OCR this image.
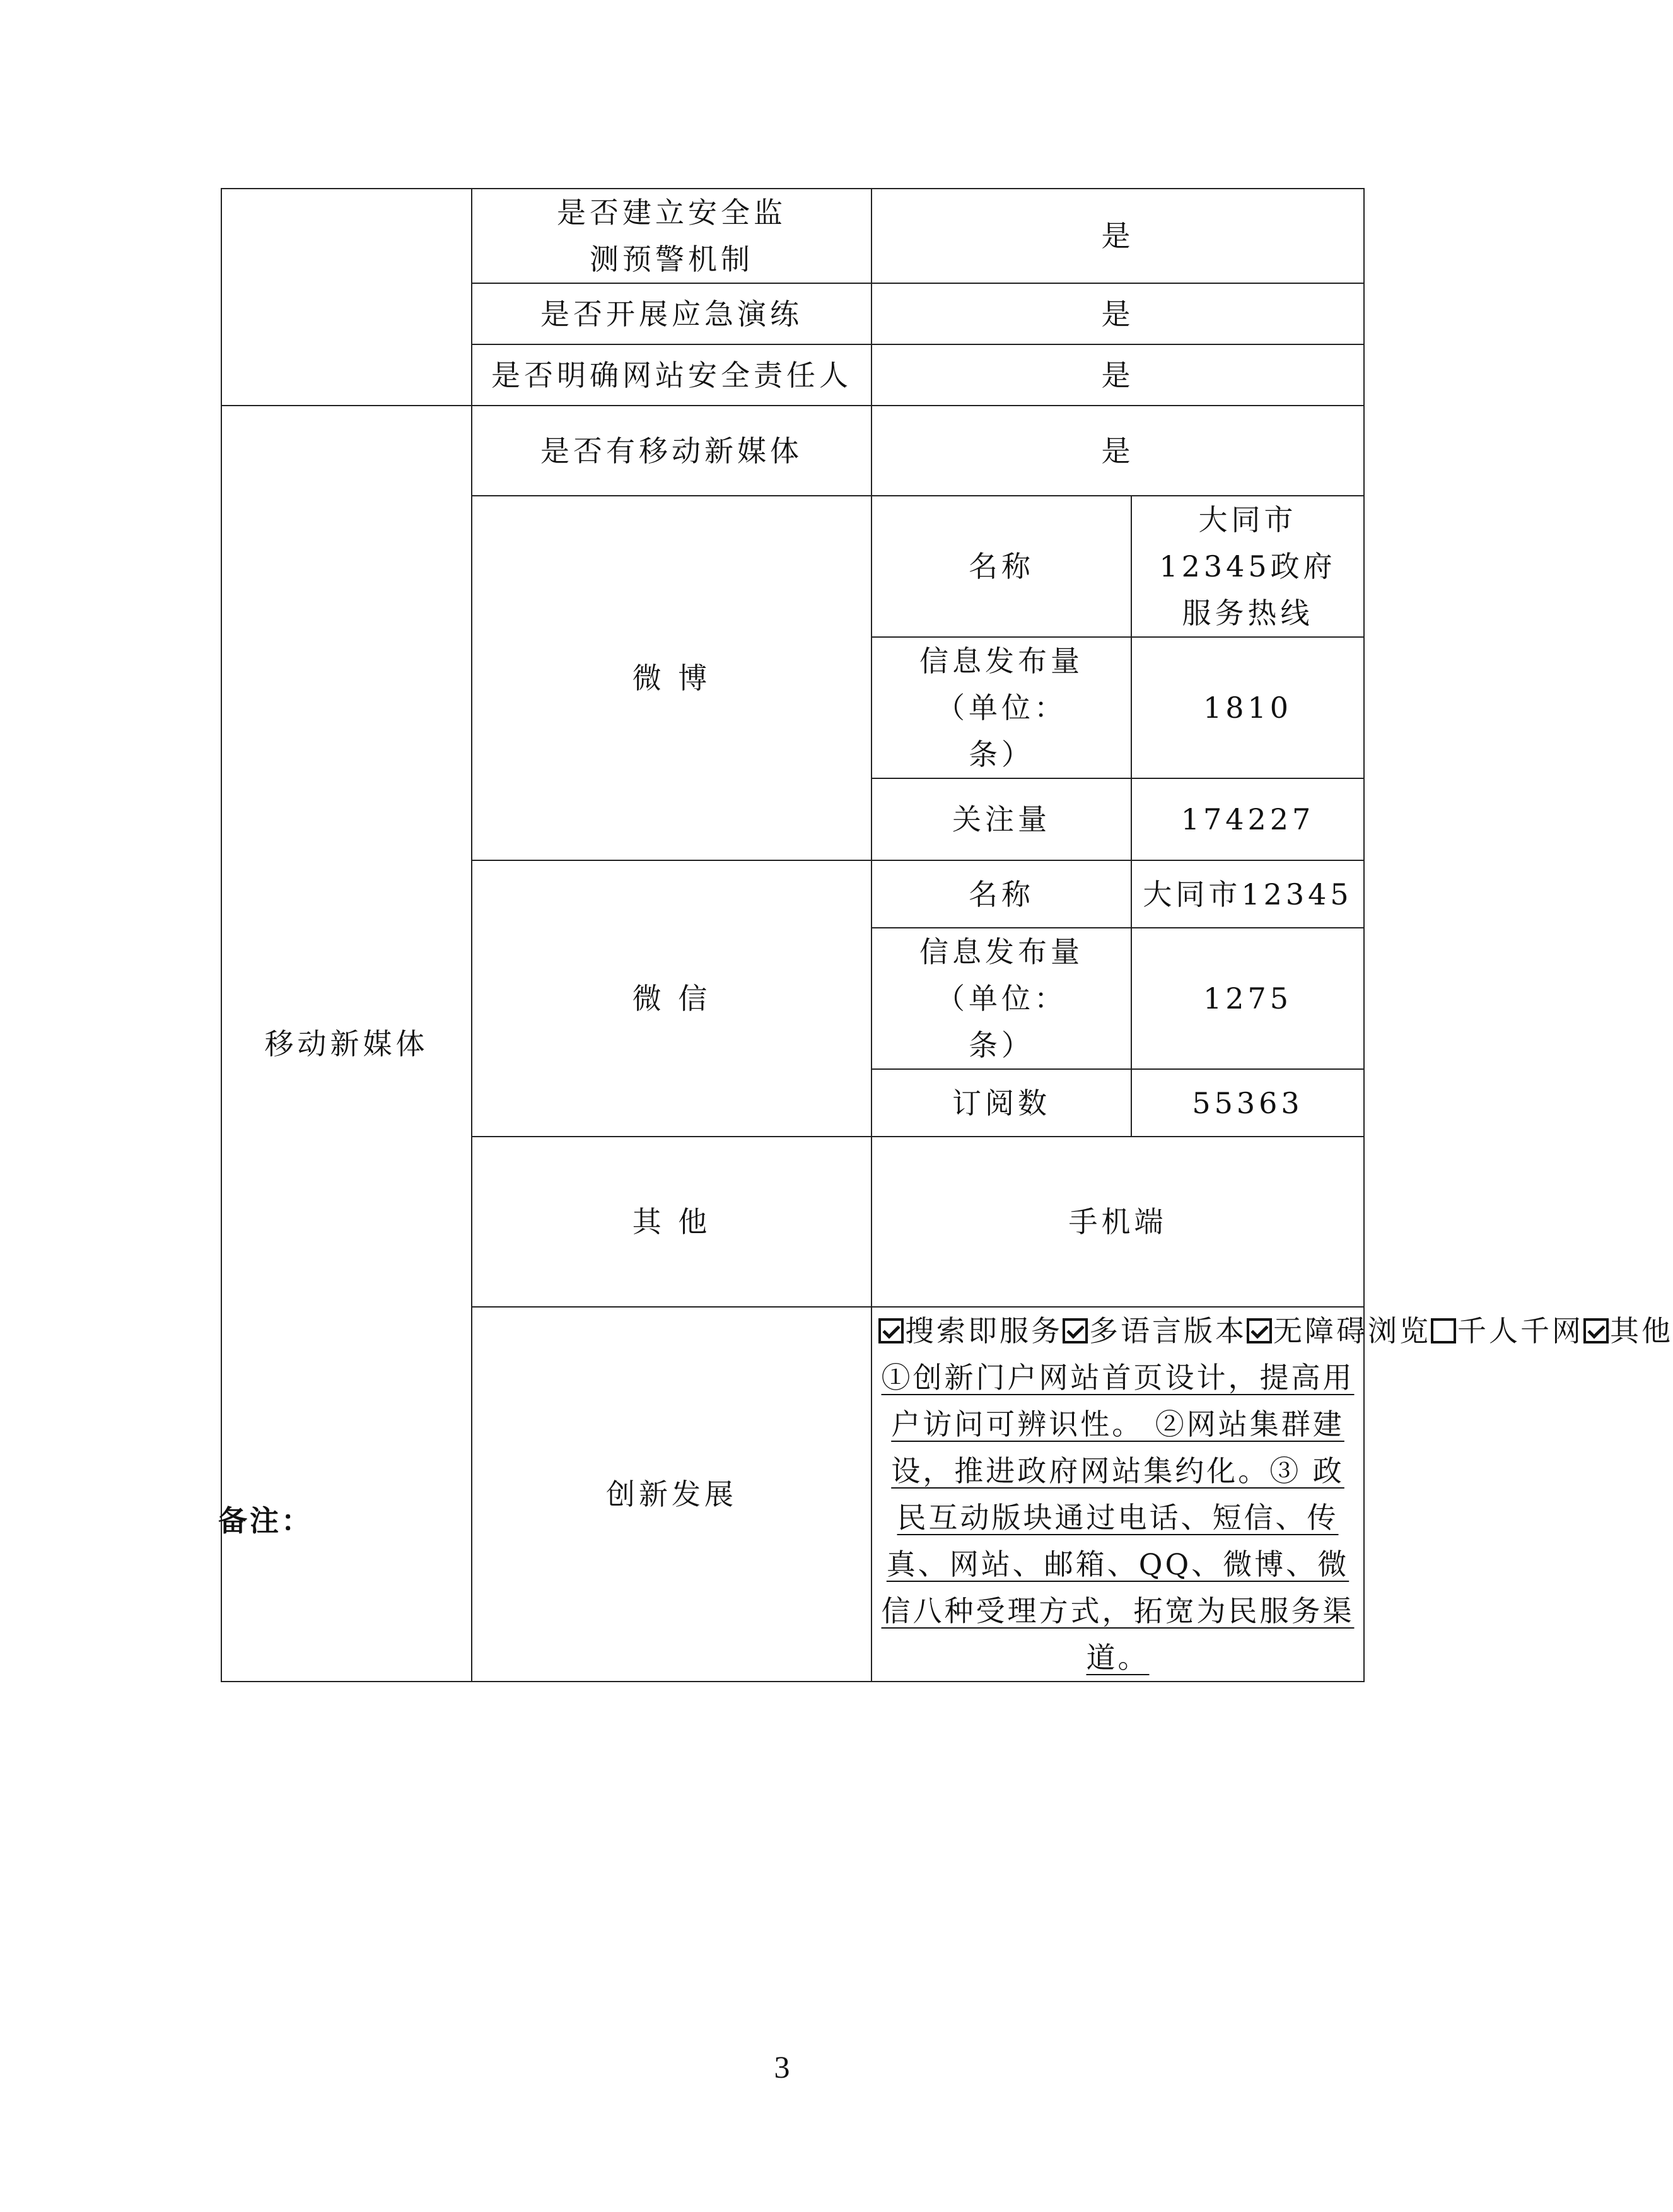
	是否建立安全监测预警机制	是	
	是否开展应急演练	是	
	是否明确网站安全责任人	是	
移动新媒体	是否有移动新媒体	是	
	微 博	名称	大同市12345政府服务热线
		信息发布量（单位：条）	1810
		关注量	174227
	微 信	名称	大同市12345
		信息发布量（单位：条）	1275
		订阅数	55363
	其 他	手机端	
	创新发展	搜索即服务 多语言版本 无障碍浏览 千人千网 其他
①创新门户网站首页设计，提高用户访问可辨识性。 ②网站集群建设，推进政府网站集约化。③ 政民互动版块通过电话、短信、传真、网站、邮箱、QQ、微博、微信八种受理方式，拓宽为民服务渠道。	
备注：
3
